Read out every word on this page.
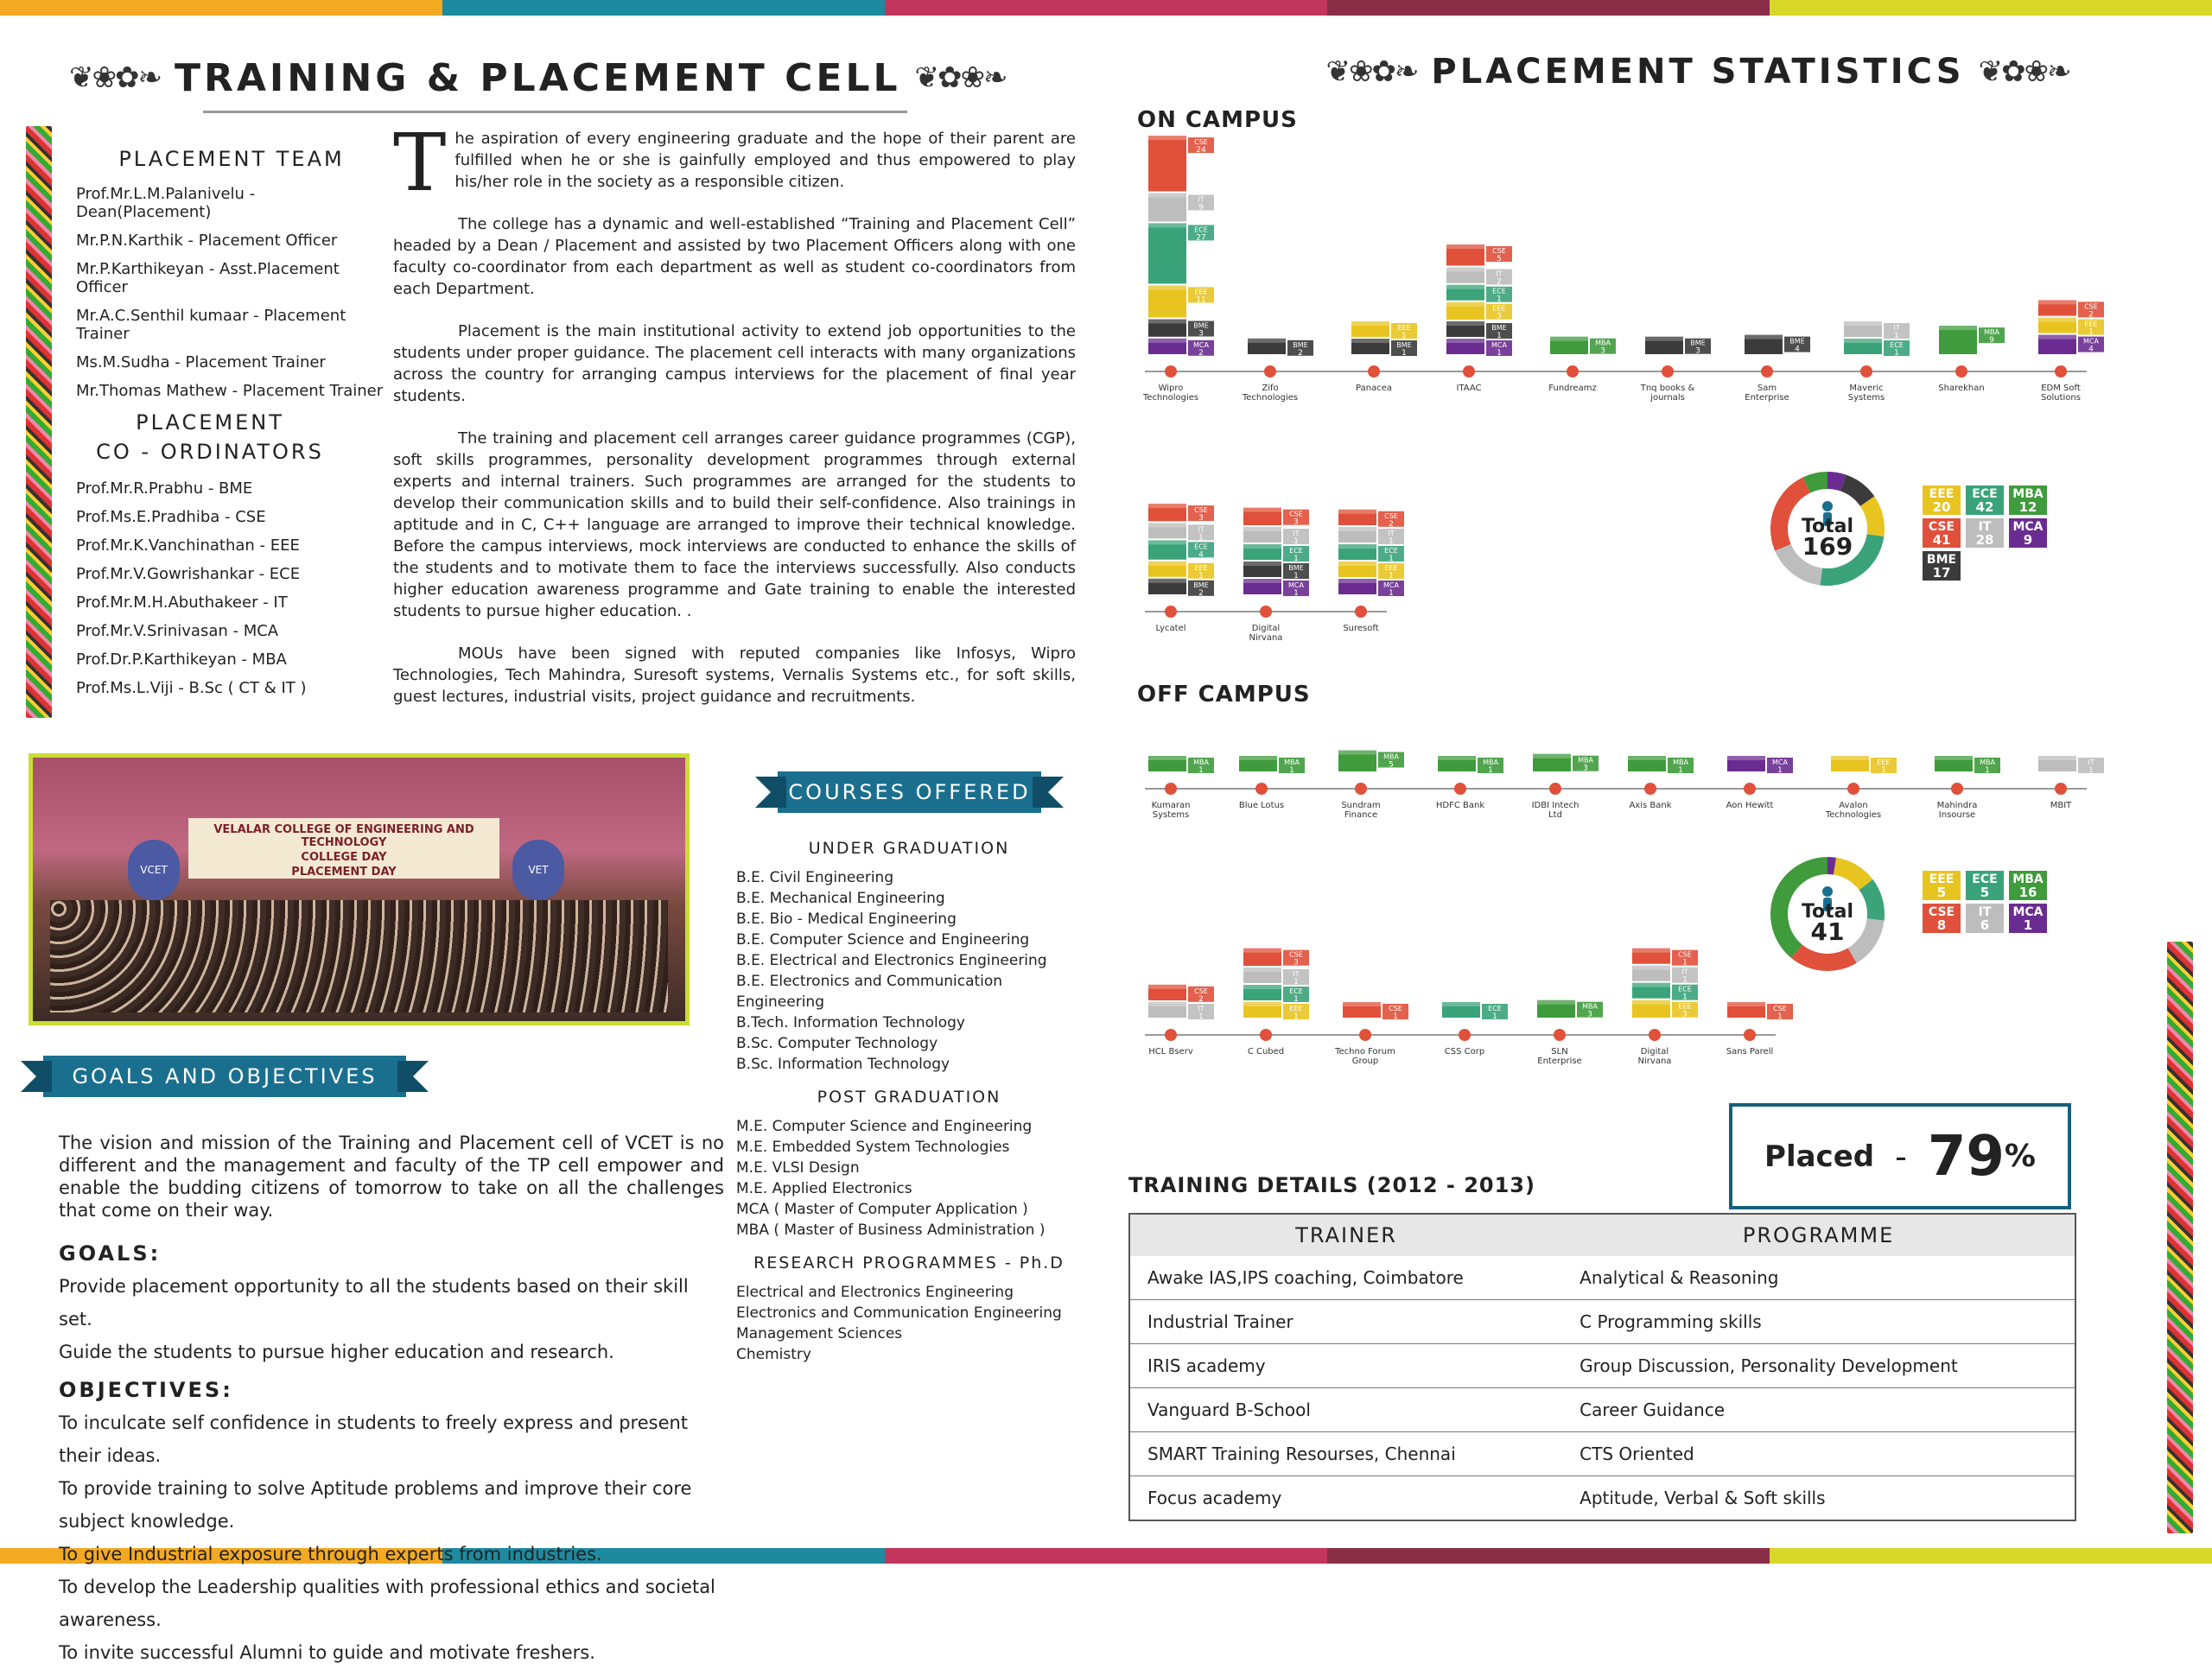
❦❀✿❧ TRAINING & PLACEMENT CELL ❦✿❀❧
PLACEMENT TEAM
Prof.Mr.L.M.Palanivelu - Dean(Placement)
Mr.P.N.Karthik - Placement Officer
Mr.P.Karthikeyan - Asst.Placement Officer
Mr.A.C.Senthil kumaar - Placement Trainer
Ms.M.Sudha - Placement Trainer
Mr.Thomas Mathew - Placement Trainer
PLACEMENT
CO - ORDINATORS
Prof.Mr.R.Prabhu - BME
Prof.Ms.E.Pradhiba - CSE
Prof.Mr.K.Vanchinathan - EEE
Prof.Mr.V.Gowrishankar - ECE
Prof.Mr.M.H.Abuthakeer - IT
Prof.Mr.V.Srinivasan - MCA
Prof.Dr.P.Karthikeyan - MBA
Prof.Ms.L.Viji - B.Sc ( CT & IT )

The aspiration of every engineering graduate and the hope of their parent are fulfilled when he or she is gainfully employed and thus empowered to play his/her role in the society as a responsible citizen.

The college has a dynamic and well-established “Training and Placement Cell” headed by a Dean / Placement and assisted by two Placement Officers along with one faculty co-coordinator from each department as well as student co-coordinators from each Department.

Placement is the main institutional activity to extend job opportunities to the students under proper guidance. The placement cell interacts with many organizations across the country for arranging campus interviews for the placement of final year students.

The training and placement cell arranges career guidance programmes (CGP), soft skills programmes, personality development programmes through external experts and internal trainers. Such programmes are arranged for the students to develop their communication skills and to build their self-confidence. Also trainings in aptitude and in C, C++ language are arranged to improve their technical knowledge. Before the campus interviews, mock interviews are conducted to enhance the skills of the students and to motivate them to face the interviews successfully. Also conducts higher education awareness programme and Gate training to enable the interested students to pursue higher education. .

MOUs have been signed with reputed companies like Infosys, Wipro Technologies, Tech Mahindra, Suresoft systems, Vernalis Systems etc., for soft skills, guest lectures, industrial visits, project guidance and recruitments.

VELALAR COLLEGE OF ENGINEERING AND TECHNOLOGY
COLLEGE DAY
PLACEMENT DAY
VCET	VET
COURSES OFFERED
UNDER GRADUATION
B.E. Civil Engineering
B.E. Mechanical Engineering
B.E. Bio - Medical Engineering
B.E. Computer Science and Engineering
B.E. Electrical and Electronics Engineering
B.E. Electronics and Communication Engineering
B.Tech. Information Technology
B.Sc. Computer Technology
B.Sc. Information Technology
POST GRADUATION
M.E. Computer Science and Engineering
M.E. Embedded System Technologies
M.E. VLSI Design
M.E. Applied Electronics
MCA ( Master of Computer Application )
MBA ( Master of Business Administration )
RESEARCH PROGRAMMES - Ph.D
Electrical and Electronics Engineering
Electronics and Communication Engineering
Management Sciences
Chemistry
GOALS AND OBJECTIVES
The vision and mission of the Training and Placement cell of VCET is no different and the management and faculty of the TP cell empower and enable the budding citizens of tomorrow to take on all the challenges that come on their way.
GOALS:
Provide placement opportunity to all the students based on their skill set.
Guide the students to pursue higher education and research.
OBJECTIVES:
To inculcate self confidence in students to freely express and present their ideas.
To provide training to solve Aptitude problems and improve their core subject knowledge.
To give Industrial exposure through experts from industries.
To develop the Leadership qualities with professional ethics and societal awareness.
To invite successful Alumni to guide and motivate freshers.
❦❀✿❧ PLACEMENT STATISTICS ❦✿❀❧
ON CAMPUS
OFF CAMPUS
MCA
2
BME
3
EEE
11
ECE
27
IT
9
CSE
24
Wipro
Technologies
BME
2
Zifo
Technologies
BME
1
EEE
1
Panacea
MCA
1
BME
1
EEE
3
ECE
1
IT
2
CSE
5
ITAAC
MBA
3
Fundreamz
BME
3
Tnq books &
journals
BME
4
Sam
Enterprise
ECE
1
IT
1
Maveric
Systems
MBA
9
Sharekhan
MCA
4
EEE
1
CSE
2
EDM Soft
Solutions
BME
2
EEE
1
ECE
4
IT
1
CSE
3
Lycatel
MCA
1
BME
1
ECE
1
IT
1
CSE
3
Digital
Nirvana
MCA
1
EEE
1
ECE
1
IT
1
CSE
2
Suresoft
MBA
1
Kumaran
Systems
MBA
1
Blue Lotus
MBA
5
Sundram
Finance
MBA
1
HDFC Bank
MBA
3
IDBI Intech
Ltd
MBA
1
Axis Bank
MCA
1
Aon Hewitt
EEE
1
Avalon
Technologies
MBA
1
Mahindra
Insourse
IT
1
MBIT
IT
1
CSE
2
HCL Bserv
EEE
1
ECE
1
IT
1
CSE
3
C Cubed
CSE
1
Techno Forum
Group
ECE
1
CSS Corp
MBA
3
SLN
Enterprise
EEE
3
ECE
1
IT
1
CSE
1
Digital
Nirvana
CSE
1
Sans Parell
Total
169
EEE
20
ECE
42
MBA
12
CSE
41
IT
28
MCA
9
BME
17
Total
41
EEE
5
ECE
5
MBA
16
CSE
8
IT
6
MCA
1
Placed - 79 %
TRAINING DETAILS (2012 - 2013)
TRAINER	PROGRAMME
Awake IAS,IPS coaching, Coimbatore	Analytical & Reasoning
Industrial Trainer	C Programming skills
IRIS academy	Group Discussion, Personality Development
Vanguard B-School	Career Guidance
SMART Training Resourses, Chennai	CTS Oriented
Focus academy	Aptitude, Verbal & Soft skills
